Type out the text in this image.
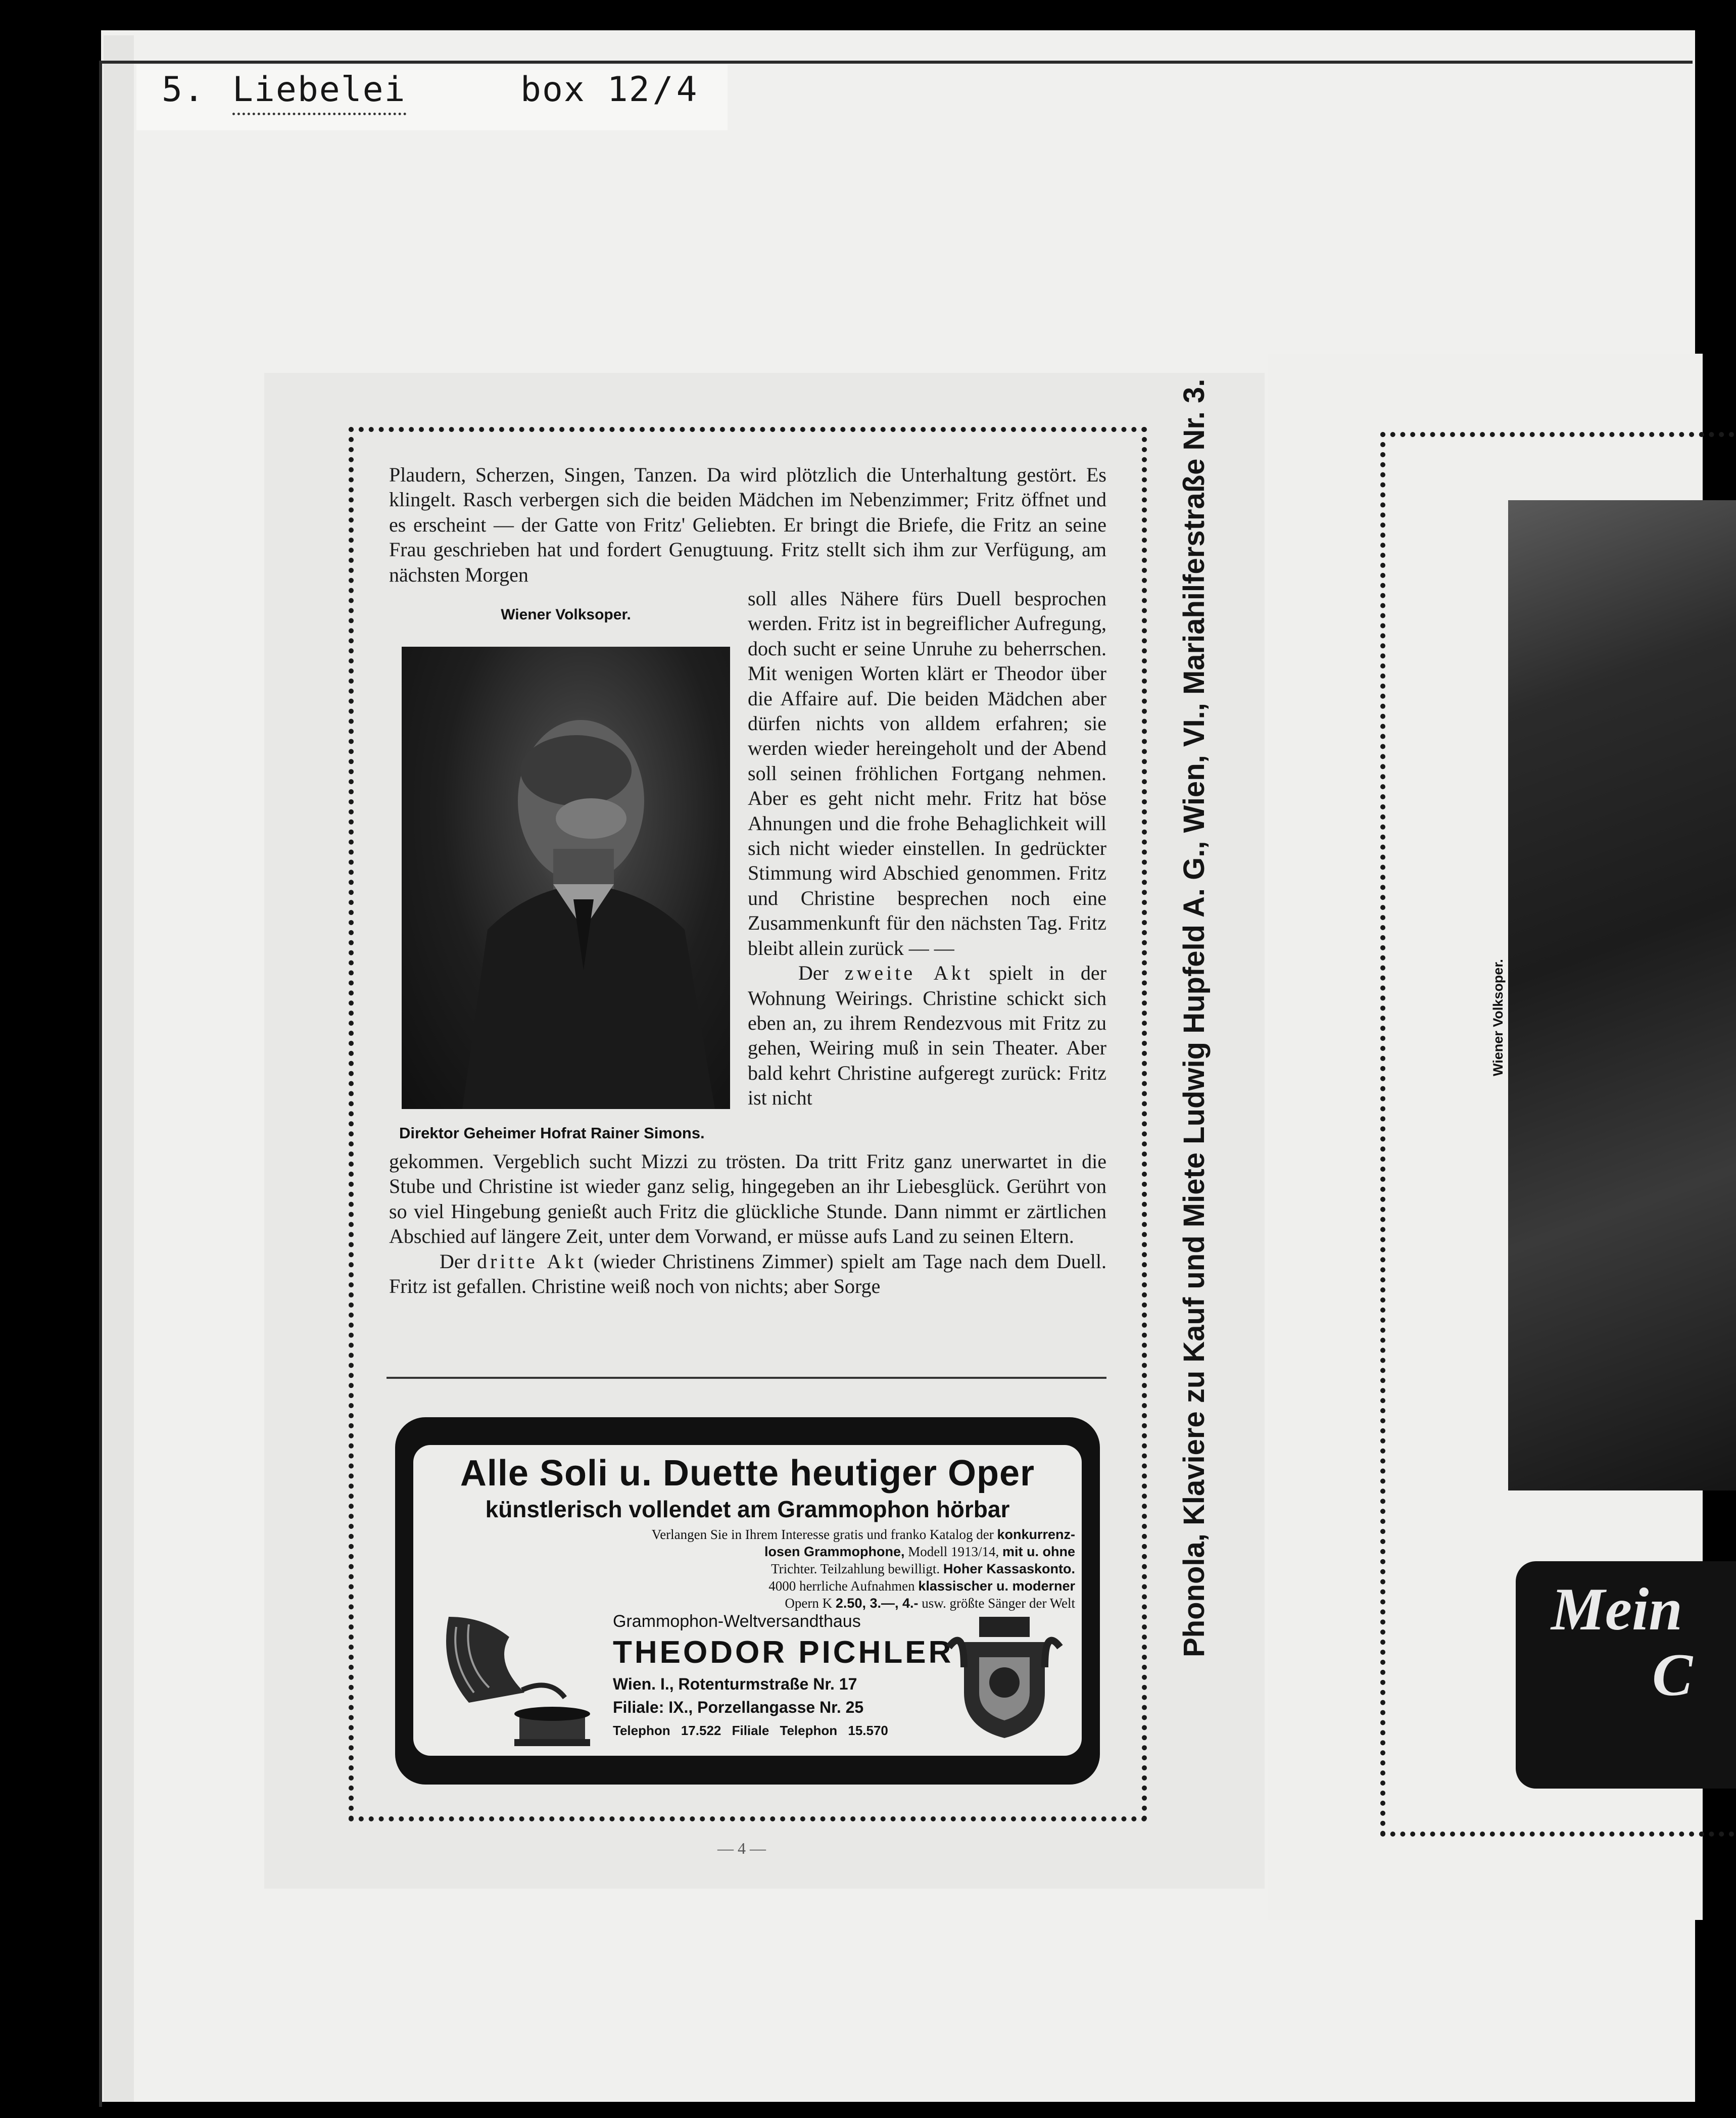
5. Liebelei	box 12/4
Plaudern, Scherzen, Singen, Tanzen. Da wird plötzlich die Unterhaltung gestört. Es klingelt. Rasch verbergen sich die beiden Mädchen im Nebenzimmer; Fritz öffnet und es erscheint — der Gatte von Fritz' Geliebten. Er bringt die Briefe, die Fritz an seine Frau geschrieben hat und fordert Genugtuung. Fritz stellt sich ihm zur Verfügung, am nächsten Morgen
Wiener Volksoper.
soll alles Nähere fürs Duell besprochen werden. Fritz ist in begreiflicher Aufregung, doch sucht er seine Unruhe zu beherrschen. Mit wenigen Worten klärt er Theodor über die Affaire auf. Die beiden Mädchen aber dürfen nichts von alldem erfahren; sie werden wieder hereingeholt und der Abend soll seinen fröhlichen Fortgang nehmen. Aber es geht nicht mehr. Fritz hat böse Ahnungen und die frohe Behaglichkeit will sich nicht wieder einstellen. In gedrückter Stimmung wird Abschied genommen. Fritz und Christine besprechen noch eine Zusammenkunft für den nächsten Tag. Fritz bleibt allein zurück — —
Der zweite Akt spielt in der Wohnung Weirings. Christine schickt sich eben an, zu ihrem Rendezvous mit Fritz zu gehen, Weiring muß in sein Theater. Aber bald kehrt Christine aufgeregt zurück: Fritz ist nicht
Direktor Geheimer Hofrat Rainer Simons.
gekommen. Vergeblich sucht Mizzi zu trösten. Da tritt Fritz ganz unerwartet in die Stube und Christine ist wieder ganz selig, hingegeben an ihr Liebesglück. Gerührt von so viel Hingebung genießt auch Fritz die glückliche Stunde. Dann nimmt er zärtlichen Abschied auf längere Zeit, unter dem Vorwand, er müsse aufs Land zu seinen Eltern.
Der dritte Akt (wieder Christinens Zimmer) spielt am Tage nach dem Duell. Fritz ist gefallen. Christine weiß noch von nichts; aber Sorge
Alle Soli u. Duette heutiger Oper
künstlerisch vollendet am Grammophon hörbar
Verlangen Sie in Ihrem Interesse gratis und franko Katalog der konkurrenz-
losen Grammophone, Modell 1913/14, mit u. ohne
Trichter. Teilzahlung bewilligt. Hoher Kassaskonto.
4000 herrliche Aufnahmen klassischer u. moderner
Opern K 2.50, 3.—, 4.- usw. größte Sänger der Welt
Grammophon-Weltversandthaus
THEODOR PICHLER
Wien. I., Rotenturmstraße Nr. 17
Filiale: IX., Porzellangasse Nr. 25
Telephon 17.522 Filiale Telephon 15.570
— 4 —
Phonola, Klaviere zu Kauf und Miete Ludwig Hupfeld A. G., Wien, VI., Mariahilferstraße Nr. 3.	Wiener Volksoper.
Mein
C
